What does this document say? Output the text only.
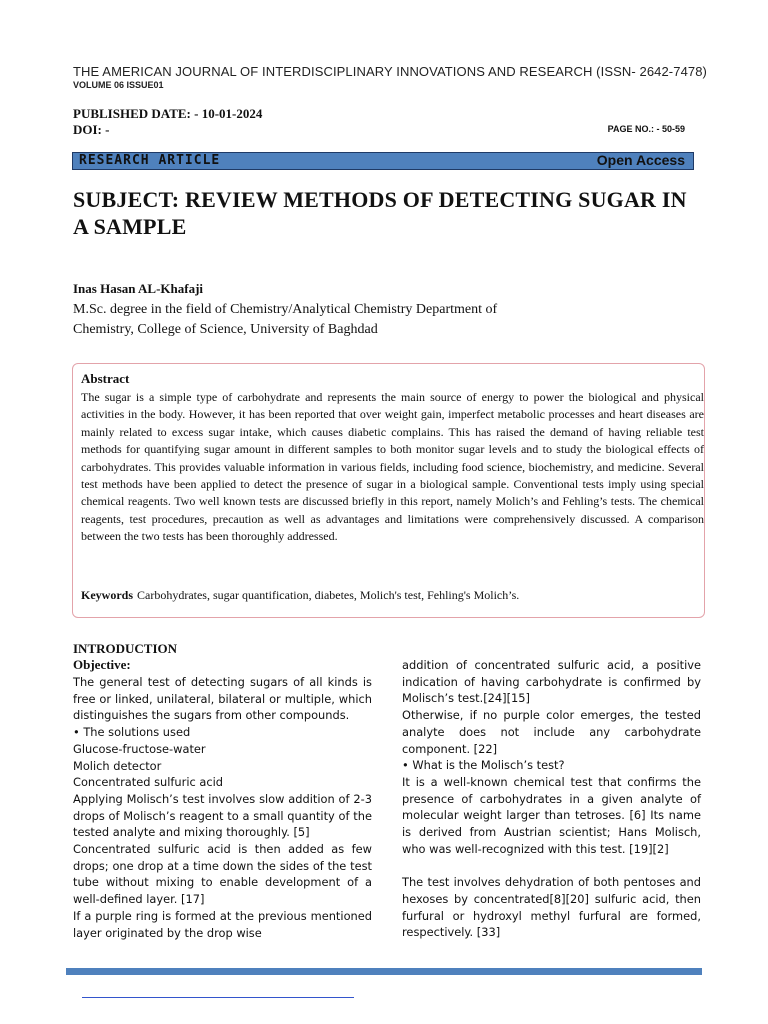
THE AMERICAN JOURNAL OF INTERDISCIPLINARY INNOVATIONS AND RESEARCH (ISSN- 2642-7478)
VOLUME 06 ISSUE01
PUBLISHED DATE: - 10-01-2024
DOI: -	PAGE NO.: - 50-59
RESEARCH ARTICLE	Open Access
SUBJECT: REVIEW METHODS OF DETECTING SUGAR IN
A SAMPLE
Inas Hasan AL-Khafaji
M.Sc. degree in the field of Chemistry/Analytical Chemistry Department of
Chemistry, College of Science, University of Baghdad
Abstract
The sugar is a simple type of carbohydrate and represents the main source of energy to power the biological and physical activities in the body. However, it has been reported that over weight gain, imperfect metabolic processes and heart diseases are mainly related to excess sugar intake, which causes diabetic complains. This has raised the demand of having reliable test methods for quantifying sugar amount in different samples to both monitor sugar levels and to study the biological effects of carbohydrates. This provides valuable information in various fields, including food science, biochemistry, and medicine. Several test methods have been applied to detect the presence of sugar in a biological sample. Conventional tests imply using special chemical reagents. Two well known tests are discussed briefly in this report, namely Molich’s and Fehling’s tests. The chemical reagents, test procedures, precaution as well as advantages and limitations were comprehensively discussed. A comparison between the two tests has been thoroughly addressed.
Keywords Carbohydrates, sugar quantification, diabetes, Molich's test, Fehling's Molich’s.
INTRODUCTION
Objective:

The general test of detecting sugars of all kinds is free or linked, unilateral, bilateral or multiple, which distinguishes the sugars from other compounds.

• The solutions used

Glucose-fructose-water

Molich detector

Concentrated sulfuric acid

Applying Molisch’s test involves slow addition of 2-3 drops of Molisch’s reagent to a small quantity of the tested analyte and mixing thoroughly. [5]

Concentrated sulfuric acid is then added as few drops; one drop at a time down the sides of the test tube without mixing to enable development of a well-defined layer. [17]

If a purple ring is formed at the previous mentioned layer originated by the drop wise

addition of concentrated sulfuric acid, a positive indication of having carbohydrate is confirmed by Molisch’s test.[24][15]

Otherwise, if no purple color emerges, the tested analyte does not include any carbohydrate component. [22]

• What is the Molisch’s test?

It is a well-known chemical test that confirms the presence of carbohydrates in a given analyte of molecular weight larger than tetroses. [6] Its name is derived from Austrian scientist; Hans Molisch, who was well-recognized with this test. [19][2]

The test involves dehydration of both pentoses and hexoses by concentrated[8][20] sulfuric acid, then furfural or hydroxyl methyl furfural are formed, respectively. [33]
